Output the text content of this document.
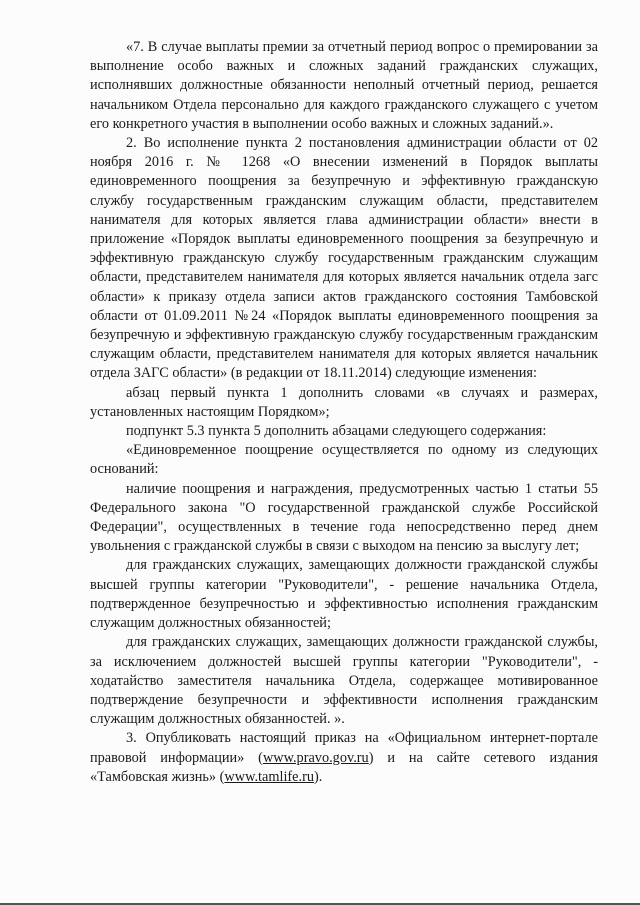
«7. В случае выплаты премии за отчетный период вопрос о премировании за выполнение особо важных и сложных заданий гражданских служащих, исполнявших должностные обязанности неполный отчетный период, решается начальником Отдела персонально для каждого гражданского служащего с учетом его конкретного участия в выполнении особо важных и сложных заданий.».

2. Во исполнение пункта 2 постановления администрации области от 02 ноября 2016 г. № 1268 «О внесении изменений в Порядок выплаты единовременного поощрения за безупречную и эффективную гражданскую службу государственным гражданским служащим области, представителем нанимателя для которых является глава администрации области» внести в приложение «Порядок выплаты единовременного поощрения за безупречную и эффективную гражданскую службу государственным гражданским служащим области, представителем нанимателя для которых является начальник отдела загс области» к приказу отдела записи актов гражданского состояния Тамбовской области от 01.09.2011 №24 «Порядок выплаты единовременного поощрения за безупречную и эффективную гражданскую службу государственным гражданским служащим области, представителем нанимателя для которых является начальник отдела ЗАГС области» (в редакции от 18.11.2014) следующие изменения:

абзац первый пункта 1 дополнить словами «в случаях и размерах, установленных настоящим Порядком»;

подпункт 5.3 пункта 5 дополнить абзацами следующего содержания:

«Единовременное поощрение осуществляется по одному из следующих оснований:

наличие поощрения и награждения, предусмотренных частью 1 статьи 55 Федерального закона "О государственной гражданской службе Российской Федерации", осуществленных в течение года непосредственно перед днем увольнения с гражданской службы в связи с выходом на пенсию за выслугу лет;

для гражданских служащих, замещающих должности гражданской службы высшей группы категории "Руководители", - решение начальника Отдела, подтвержденное безупречностью и эффективностью исполнения гражданским служащим должностных обязанностей;

для гражданских служащих, замещающих должности гражданской службы, за исключением должностей высшей группы категории "Руководители", - ходатайство заместителя начальника Отдела, содержащее мотивированное подтверждение безупречности и эффективности исполнения гражданским служащим должностных обязанностей. ».

3. Опубликовать настоящий приказ на «Официальном интернет-портале правовой информации» (www.pravo.gov.ru) и на сайте сетевого издания «Тамбовская жизнь» (www.tamlife.ru).
